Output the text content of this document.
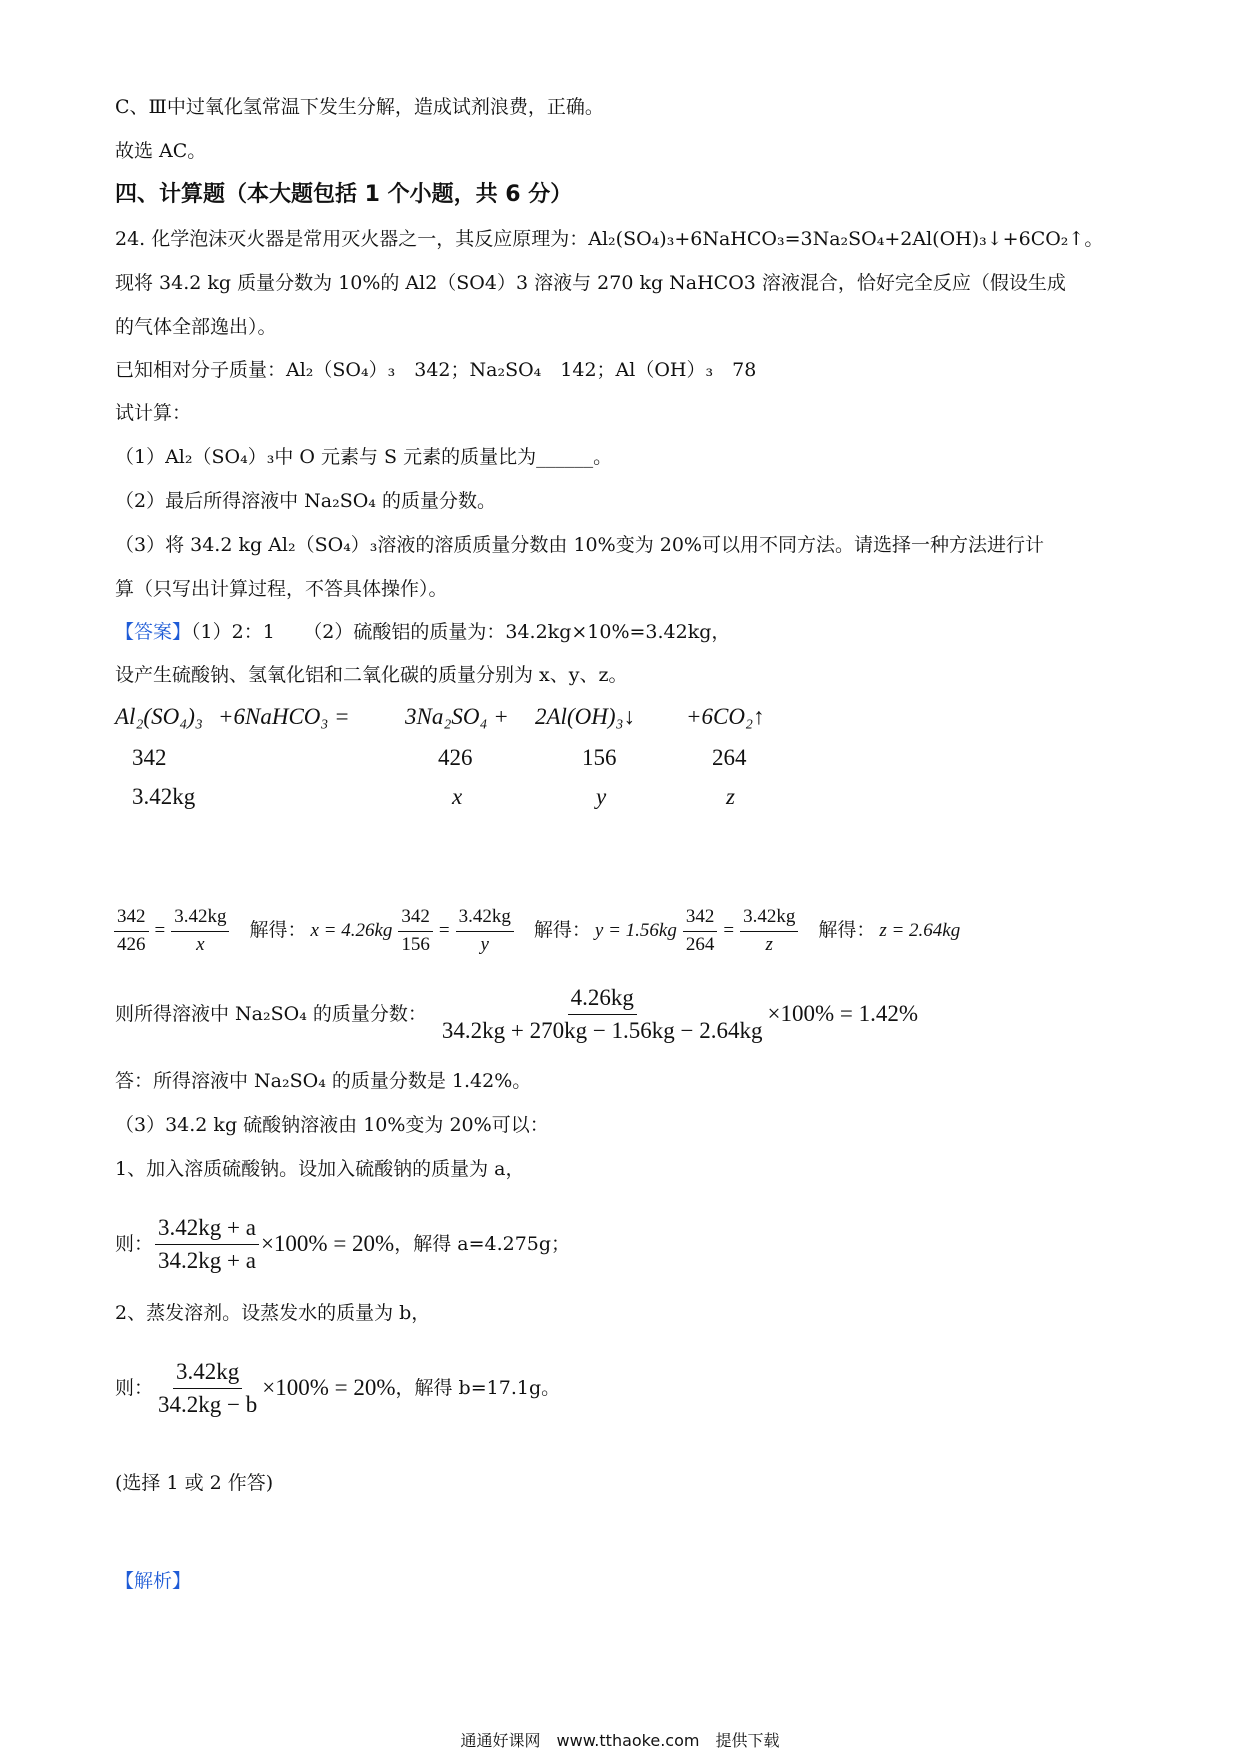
C、Ⅲ中过氧化氢常温下发生分解，造成试剂浪费，正确。
故选 AC。
四、计算题（本大题包括 1 个小题，共 6 分）
24. 化学泡沫灭火器是常用灭火器之一，其反应原理为：Al₂(SO₄)₃+6NaHCO₃=3Na₂SO₄+2Al(OH)₃↓+6CO₂↑。
现将 34.2 kg 质量分数为 10%的 Al2（SO4）3 溶液与 270 kg NaHCO3 溶液混合，恰好完全反应（假设生成
的气体全部逸出）。
已知相对分子质量：Al₂（SO₄）₃　342；Na₂SO₄　142；Al（OH）₃　78
试计算：
（1）Al₂（SO₄）₃中 O 元素与 S 元素的质量比为______。
（2）最后所得溶液中 Na₂SO₄ 的质量分数。
（3）将 34.2 kg Al₂（SO₄）₃溶液的溶质质量分数由 10%变为 20%可以用不同方法。请选择一种方法进行计
算（只写出计算过程，不答具体操作）。
【答案】（1）2：1　　（2）硫酸铝的质量为：34.2kg×10%=3.42kg，
设产生硫酸钠、氢氧化铝和二氧化碳的质量分别为 x、y、z。
Al₂(SO₄)₃ +6NaHCO₃ = 3Na₂SO₄ + 2Al(OH)₃↓ +6CO₂↑
342	426	156	264
3.42kg	x	y	z
$\frac{342}{426} = \frac{3.42kg}{x}$ 解得： $x = 4.26kg \frac{342}{156} = \frac{3.42kg}{y}$ 解得： $y = 1.56kg \frac{342}{264} = \frac{3.42kg}{z}$ 解得： z = 2.64kg
则所得溶液中 Na₂SO₄ 的质量分数： $\frac{4.26kg}{34.2kg + 270kg - 1.56kg - 2.64kg} \times 100\% = 1.42\%$
答：所得溶液中 Na₂SO₄ 的质量分数是 1.42%。
（3）34.2 kg 硫酸钠溶液由 10%变为 20%可以：
1、加入溶质硫酸钠。设加入硫酸钠的质量为 a，
则： $\frac{3.42kg + a}{34.2kg + a} \times 100\% = 20\%$ ，解得 a=4.275g；
2、蒸发溶剂。设蒸发水的质量为 b，
则： $\frac{3.42kg}{34.2kg - b} \times 100\% = 20\%$ ，解得 b=17.1g。
(选择 1 或 2 作答)
【解析】
通通好课网　www.tthaoke.com　提供下载
